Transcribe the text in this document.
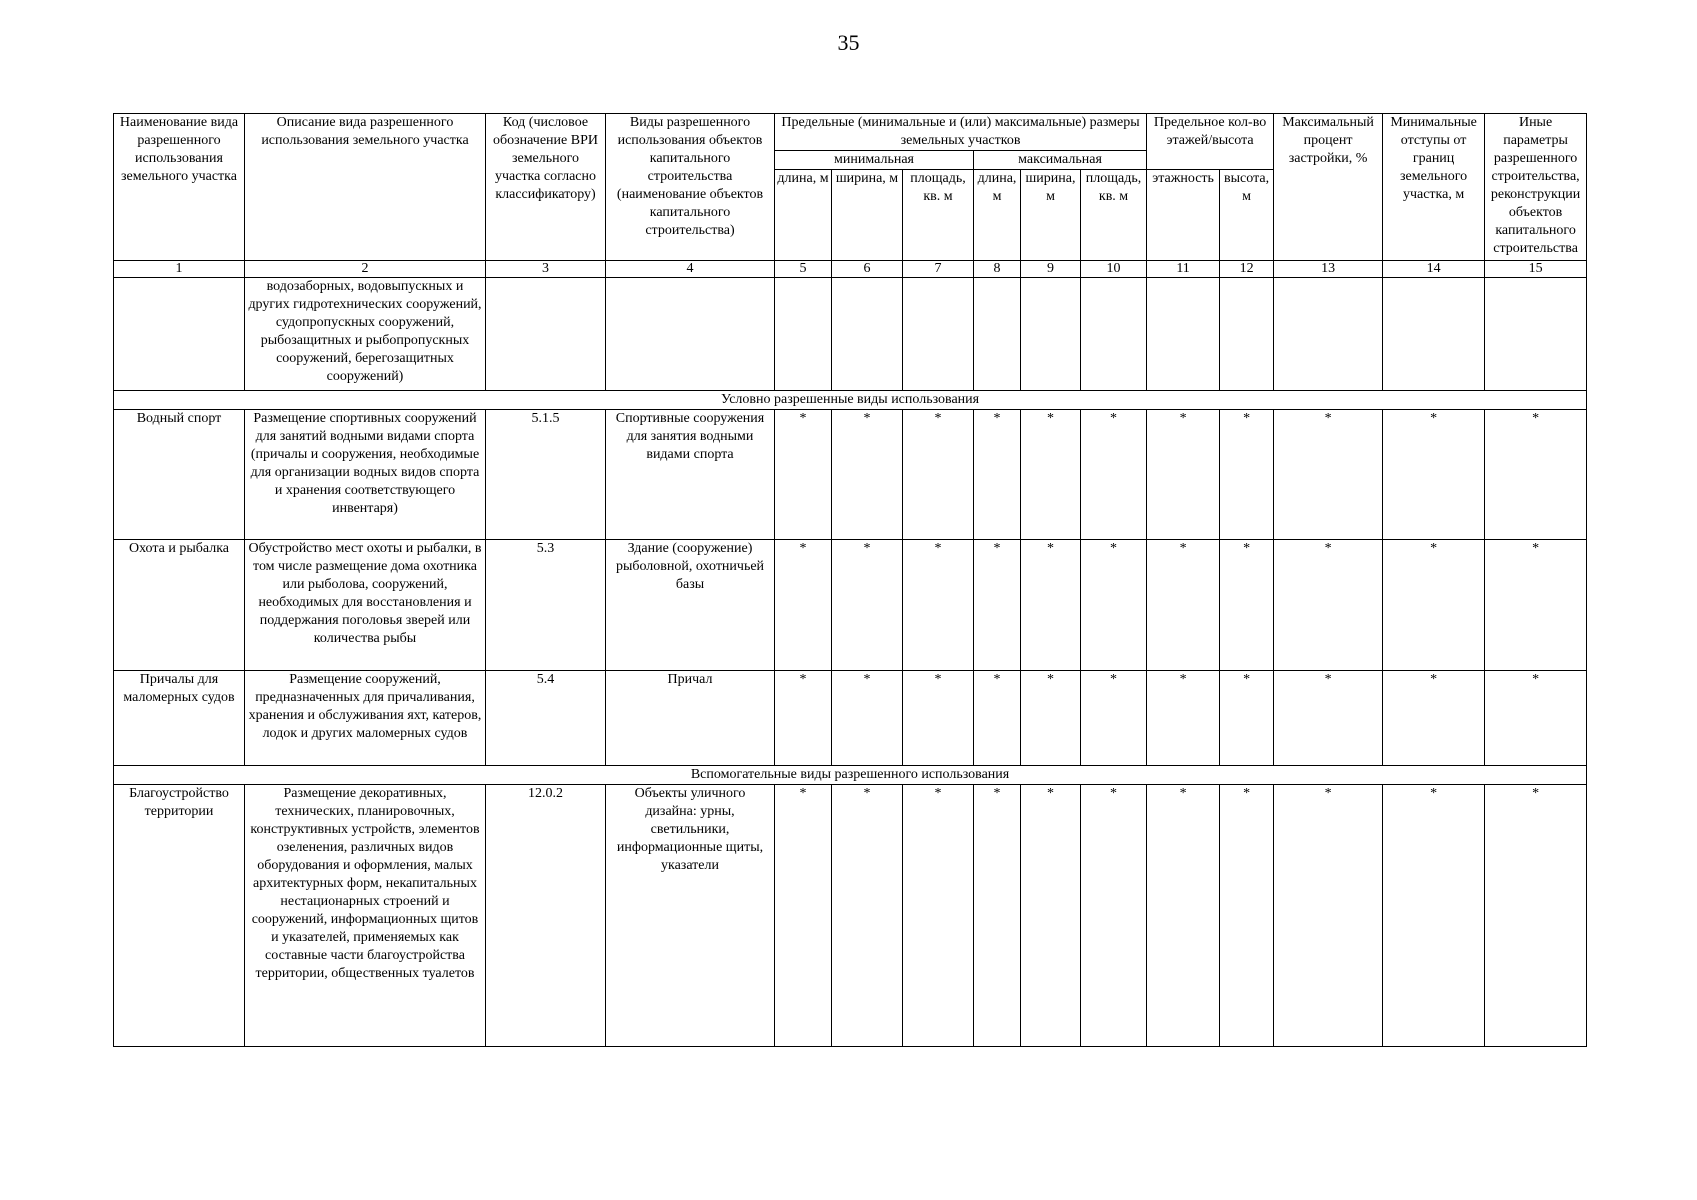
35
Наименование вида разрешенного использования земельного участка	Описание вида разрешенного использования земельного участка	Код (числовое обозначение ВРИ земельного участка согласно классификатору)	Виды разрешенного использования объектов капитального строительства (наименование объектов капитального строительства)	Предельные (минимальные и (или) максимальные) размеры земельных участков						Предельное кол-во этажей/высота		Максимальный процент застройки, %	Минимальные отступы от границ земельного участка, м	Иные параметры разрешенного строительства, реконструкции объектов капитального строительства
				минимальная			максимальная							
				длина, м	ширина, м	площадь, кв. м	длина, м	ширина, м	площадь, кв. м	этажность	высота, м			
1	2	3	4	5	6	7	8	9	10	11	12	13	14	15
	водозаборных, водовыпускных и других гидротехнических сооружений, судопропускных сооружений, рыбозащитных и рыбопропускных сооружений, берегозащитных сооружений)													
Условно разрешенные виды использования														
Водный спорт	Размещение спортивных сооружений для занятий водными видами спорта (причалы и сооружения, необходимые для организации водных видов спорта и хранения соответствующего инвентаря)	5.1.5	Спортивные сооружения для занятия водными видами спорта	*	*	*	*	*	*	*	*	*	*	*
Охота и рыбалка	Обустройство мест охоты и рыбалки, в том числе размещение дома охотника или рыболова, сооружений, необходимых для восстановления и поддержания поголовья зверей или количества рыбы	5.3	Здание (сооружение) рыболовной, охотничьей базы	*	*	*	*	*	*	*	*	*	*	*
Причалы для маломерных судов	Размещение сооружений, предназначенных для причаливания, хранения и обслуживания яхт, катеров, лодок и других маломерных судов	5.4	Причал	*	*	*	*	*	*	*	*	*	*	*
Вспомогательные виды разрешенного использования														
Благоустройство территории	Размещение декоративных, технических, планировочных, конструктивных устройств, элементов озеленения, различных видов оборудования и оформления, малых архитектурных форм, некапитальных нестационарных строений и сооружений, информационных щитов и указателей, применяемых как составные части благоустройства территории, общественных туалетов	12.0.2	Объекты уличного дизайна: урны, светильники, информационные щиты, указатели	*	*	*	*	*	*	*	*	*	*	*
